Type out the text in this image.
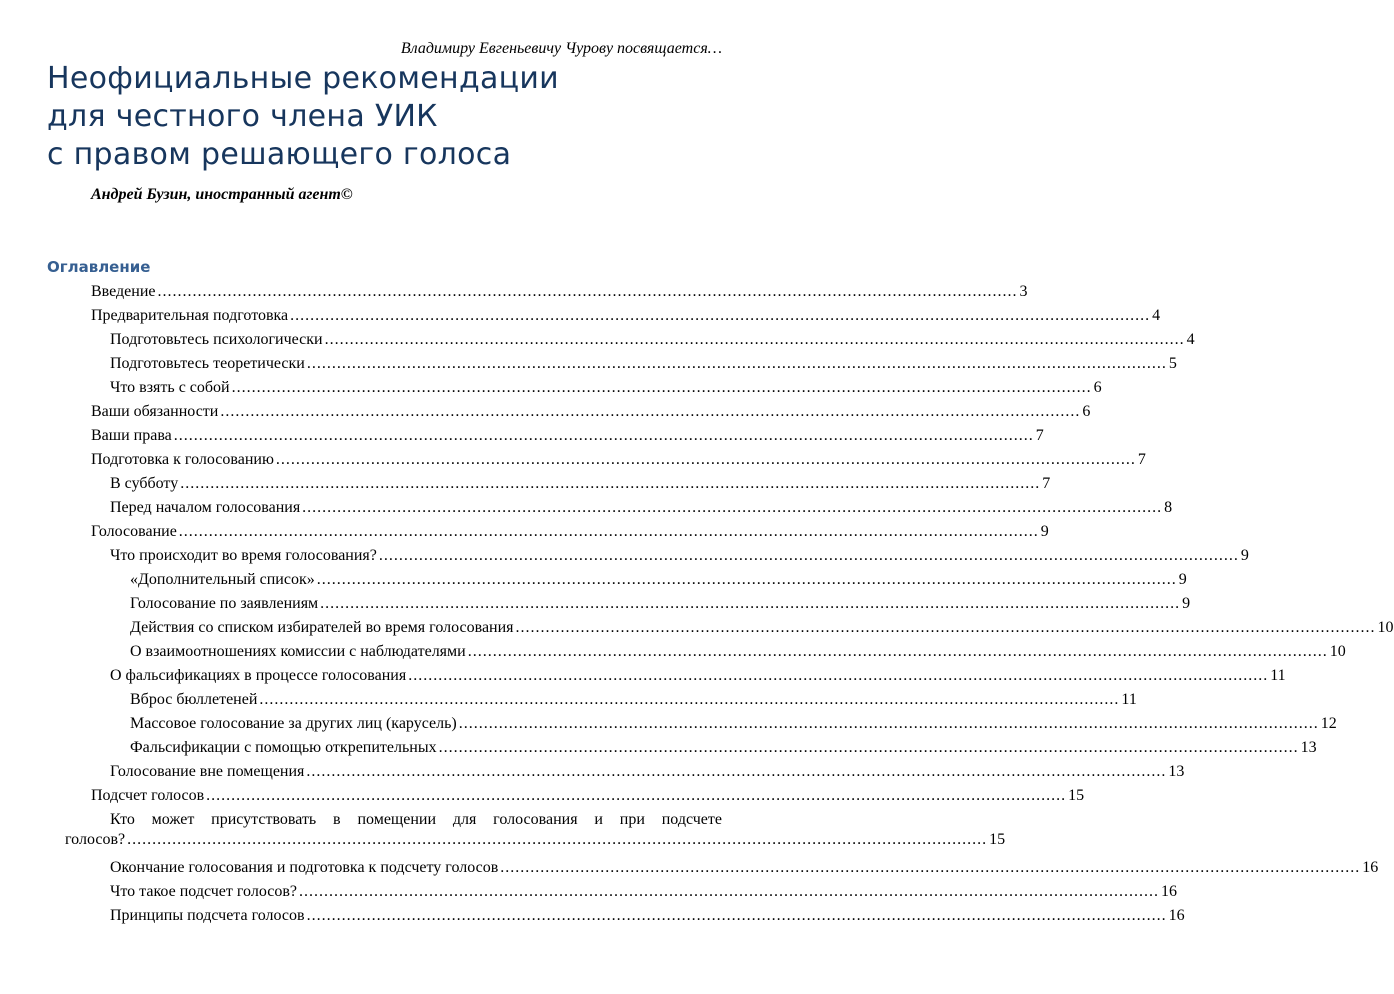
Владимиру Евгеньевичу Чурову посвящается…
Неофициальные рекомендации
для честного члена УИК
с правом решающего голоса
Андрей Бузин, иностранный агент©
Оглавление
Введение ............................................................................................................................................................................ 3
Предварительная подготовка ............................................................................................................................................................................ 4
Подготовьтесь психологически ............................................................................................................................................................................ 4
Подготовьтесь теоретически ............................................................................................................................................................................ 5
Что взять с собой ............................................................................................................................................................................ 6
Ваши обязанности ............................................................................................................................................................................ 6
Ваши права ............................................................................................................................................................................ 7
Подготовка к голосованию ............................................................................................................................................................................ 7
В субботу ............................................................................................................................................................................ 7
Перед началом голосования ............................................................................................................................................................................ 8
Голосование ............................................................................................................................................................................ 9
Что происходит во время голосования? ............................................................................................................................................................................ 9
«Дополнительный список» ............................................................................................................................................................................ 9
Голосование по заявлениям ............................................................................................................................................................................ 9
Действия со списком избирателей во время голосования ............................................................................................................................................................................ 10
О взаимоотношениях комиссии с наблюдателями ............................................................................................................................................................................ 10
О фальсификациях в процессе голосования ............................................................................................................................................................................ 11
Вброс бюллетеней ............................................................................................................................................................................ 11
Массовое голосование за других лиц (карусель) ............................................................................................................................................................................ 12
Фальсификации с помощью открепительных ............................................................................................................................................................................ 13
Голосование вне помещения ............................................................................................................................................................................ 13
Подсчет голосов ............................................................................................................................................................................ 15
Кто может присутствовать в помещении для голосования и при подсчете
голосов? ............................................................................................................................................................................ 15
Окончание голосования и подготовка к подсчету голосов ............................................................................................................................................................................ 16
Что такое подсчет голосов? ............................................................................................................................................................................ 16
Принципы подсчета голосов ............................................................................................................................................................................ 16
